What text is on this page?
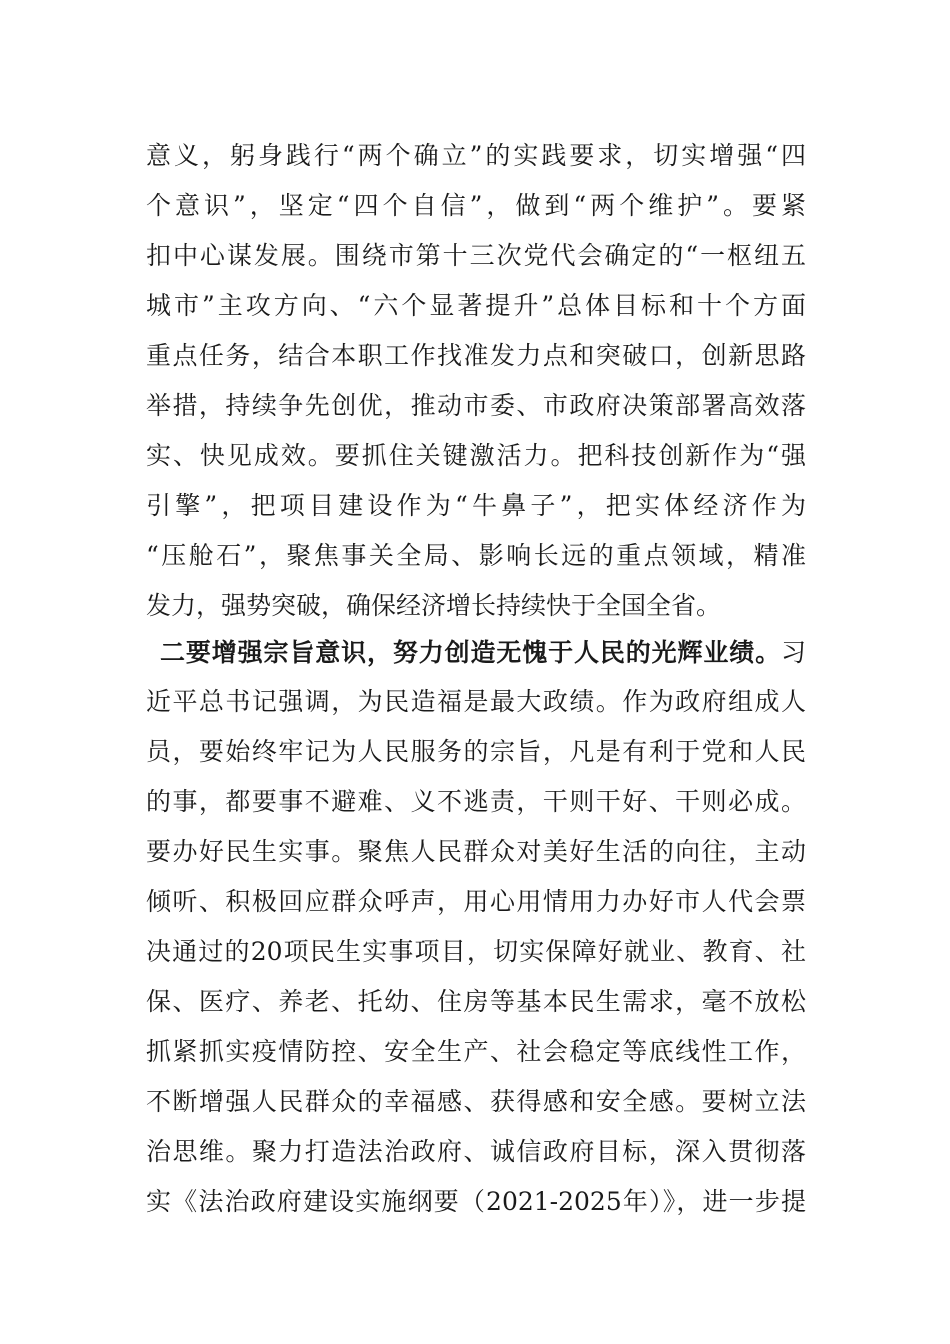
意义，躬身践行“两个确立”的实践要求，切实增强“四
个意识”，坚定“四个自信”，做到“两个维护”。要紧
扣中心谋发展。围绕市第十三次党代会确定的“一枢纽五
城市”主攻方向、“六个显著提升”总体目标和十个方面
重点任务，结合本职工作找准发力点和突破口，创新思路
举措，持续争先创优，推动市委、市政府决策部署高效落
实、快见成效。要抓住关键激活力。把科技创新作为“强
引擎”，把项目建设作为“牛鼻子”，把实体经济作为
“压舱石”，聚焦事关全局、影响长远的重点领域，精准
发力，强势突破，确保经济增长持续快于全国全省。
二要增强宗旨意识，努力创造无愧于人民的光辉业绩。习
近平总书记强调，为民造福是最大政绩。作为政府组成人
员，要始终牢记为人民服务的宗旨，凡是有利于党和人民
的事，都要事不避难、义不逃责，干则干好、干则必成。
要办好民生实事。聚焦人民群众对美好生活的向往，主动
倾听、积极回应群众呼声，用心用情用力办好市人代会票
决通过的20项民生实事项目，切实保障好就业、教育、社
保、医疗、养老、托幼、住房等基本民生需求，毫不放松
抓紧抓实疫情防控、安全生产、社会稳定等底线性工作，
不断增强人民群众的幸福感、获得感和安全感。要树立法
治思维。聚力打造法治政府、诚信政府目标，深入贯彻落
实《法治政府建设实施纲要（2021-2025年）》，进一步提
